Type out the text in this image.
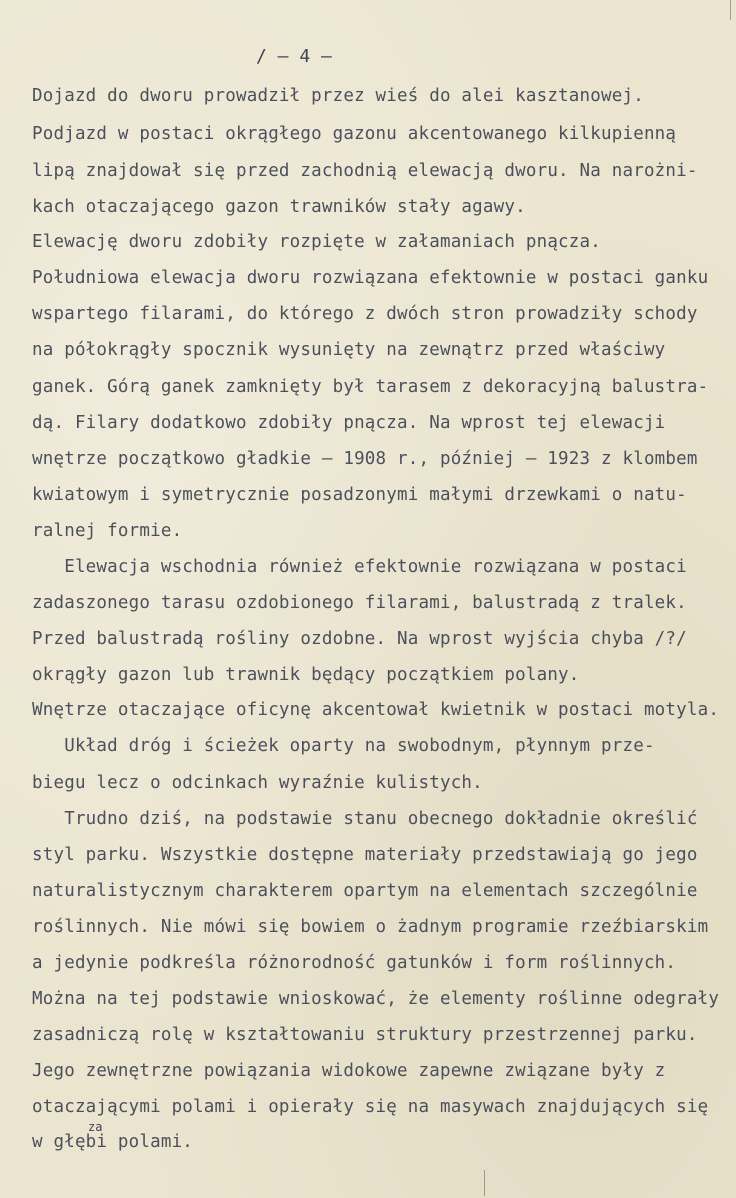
/ – 4 –
Dojazd do dworu prowadził przez wieś do alei kasztanowej.
Podjazd w postaci okrągłego gazonu akcentowanego kilkupienną
lipą znajdował się przed zachodnią elewacją dworu. Na narożni-
kach otaczającego gazon trawników stały agawy.
Elewację dworu zdobiły rozpięte w załamaniach pnącza.
Południowa elewacja dworu rozwiązana efektownie w postaci ganku
wspartego filarami, do którego z dwóch stron prowadziły schody
na półokrągły spocznik wysunięty na zewnątrz przed właściwy
ganek. Górą ganek zamknięty był tarasem z dekoracyjną balustra-
dą. Filary dodatkowo zdobiły pnącza. Na wprost tej elewacji
wnętrze początkowo gładkie – 1908 r., później – 1923 z klombem
kwiatowym i symetrycznie posadzonymi małymi drzewkami o natu-
ralnej formie.
Elewacja wschodnia również efektownie rozwiązana w postaci
zadaszonego tarasu ozdobionego filarami, balustradą z tralek.
Przed balustradą rośliny ozdobne. Na wprost wyjścia chyba /?/
okrągły gazon lub trawnik będący początkiem polany.
Wnętrze otaczające oficynę akcentował kwietnik w postaci motyla.
Układ dróg i ścieżek oparty na swobodnym, płynnym prze-
biegu lecz o odcinkach wyraźnie kulistych.
Trudno dziś, na podstawie stanu obecnego dokładnie określić
styl parku. Wszystkie dostępne materiały przedstawiają go jego
naturalistycznym charakterem opartym na elementach szczególnie
roślinnych. Nie mówi się bowiem o żadnym programie rzeźbiarskim
a jedynie podkreśla różnorodność gatunków i form roślinnych.
Można na tej podstawie wnioskować, że elementy roślinne odegrały
zasadniczą rolę w kształtowaniu struktury przestrzennej parku.
Jego zewnętrzne powiązania widokowe zapewne związane były z
otaczającymi polami i opierały się na masywach znajdujących się
za
w głębi polami.
